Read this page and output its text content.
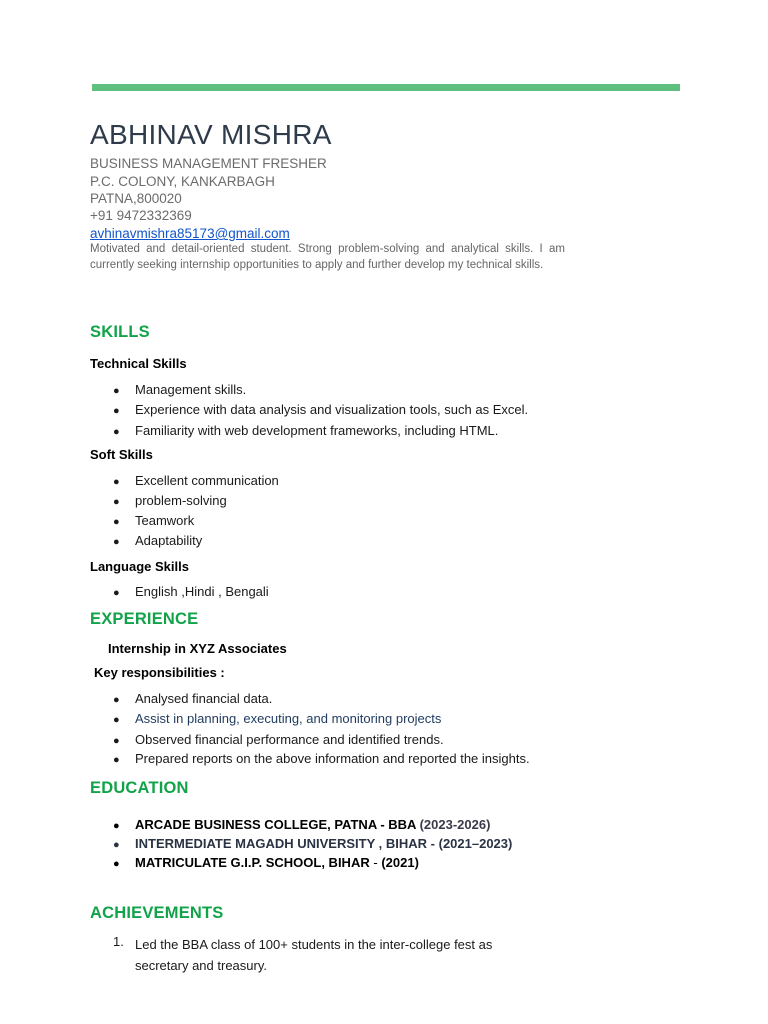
ABHINAV MISHRA
BUSINESS MANAGEMENT FRESHER
P.C. COLONY, KANKARBAGH
PATNA,800020
+91 9472332369
avhinavmishra85173@gmail.com
Motivated and detail-oriented student. Strong problem-solving and analytical skills. I am currently seeking internship opportunities to apply and further develop my technical skills.
SKILLS
Technical Skills
● Management skills.
● Experience with data analysis and visualization tools, such as Excel.
● Familiarity with web development frameworks, including HTML.
Soft Skills
● Excellent communication
● problem-solving
● Teamwork
● Adaptability
Language Skills
● English ,Hindi , Bengali
EXPERIENCE
Internship in XYZ Associates
Key responsibilities :
● Analysed financial data.
● Assist in planning, executing, and monitoring projects
● Observed financial performance and identified trends.
● Prepared reports on the above information and reported the insights.
EDUCATION
● ARCADE BUSINESS COLLEGE, PATNA - BBA (2023-2026)
● INTERMEDIATE MAGADH UNIVERSITY , BIHAR - (2021–2023)
● MATRICULATE G.I.P. SCHOOL, BIHAR - (2021)
ACHIEVEMENTS
1. Led the BBA class of 100+ students in the inter-college fest as secretary and treasury.
